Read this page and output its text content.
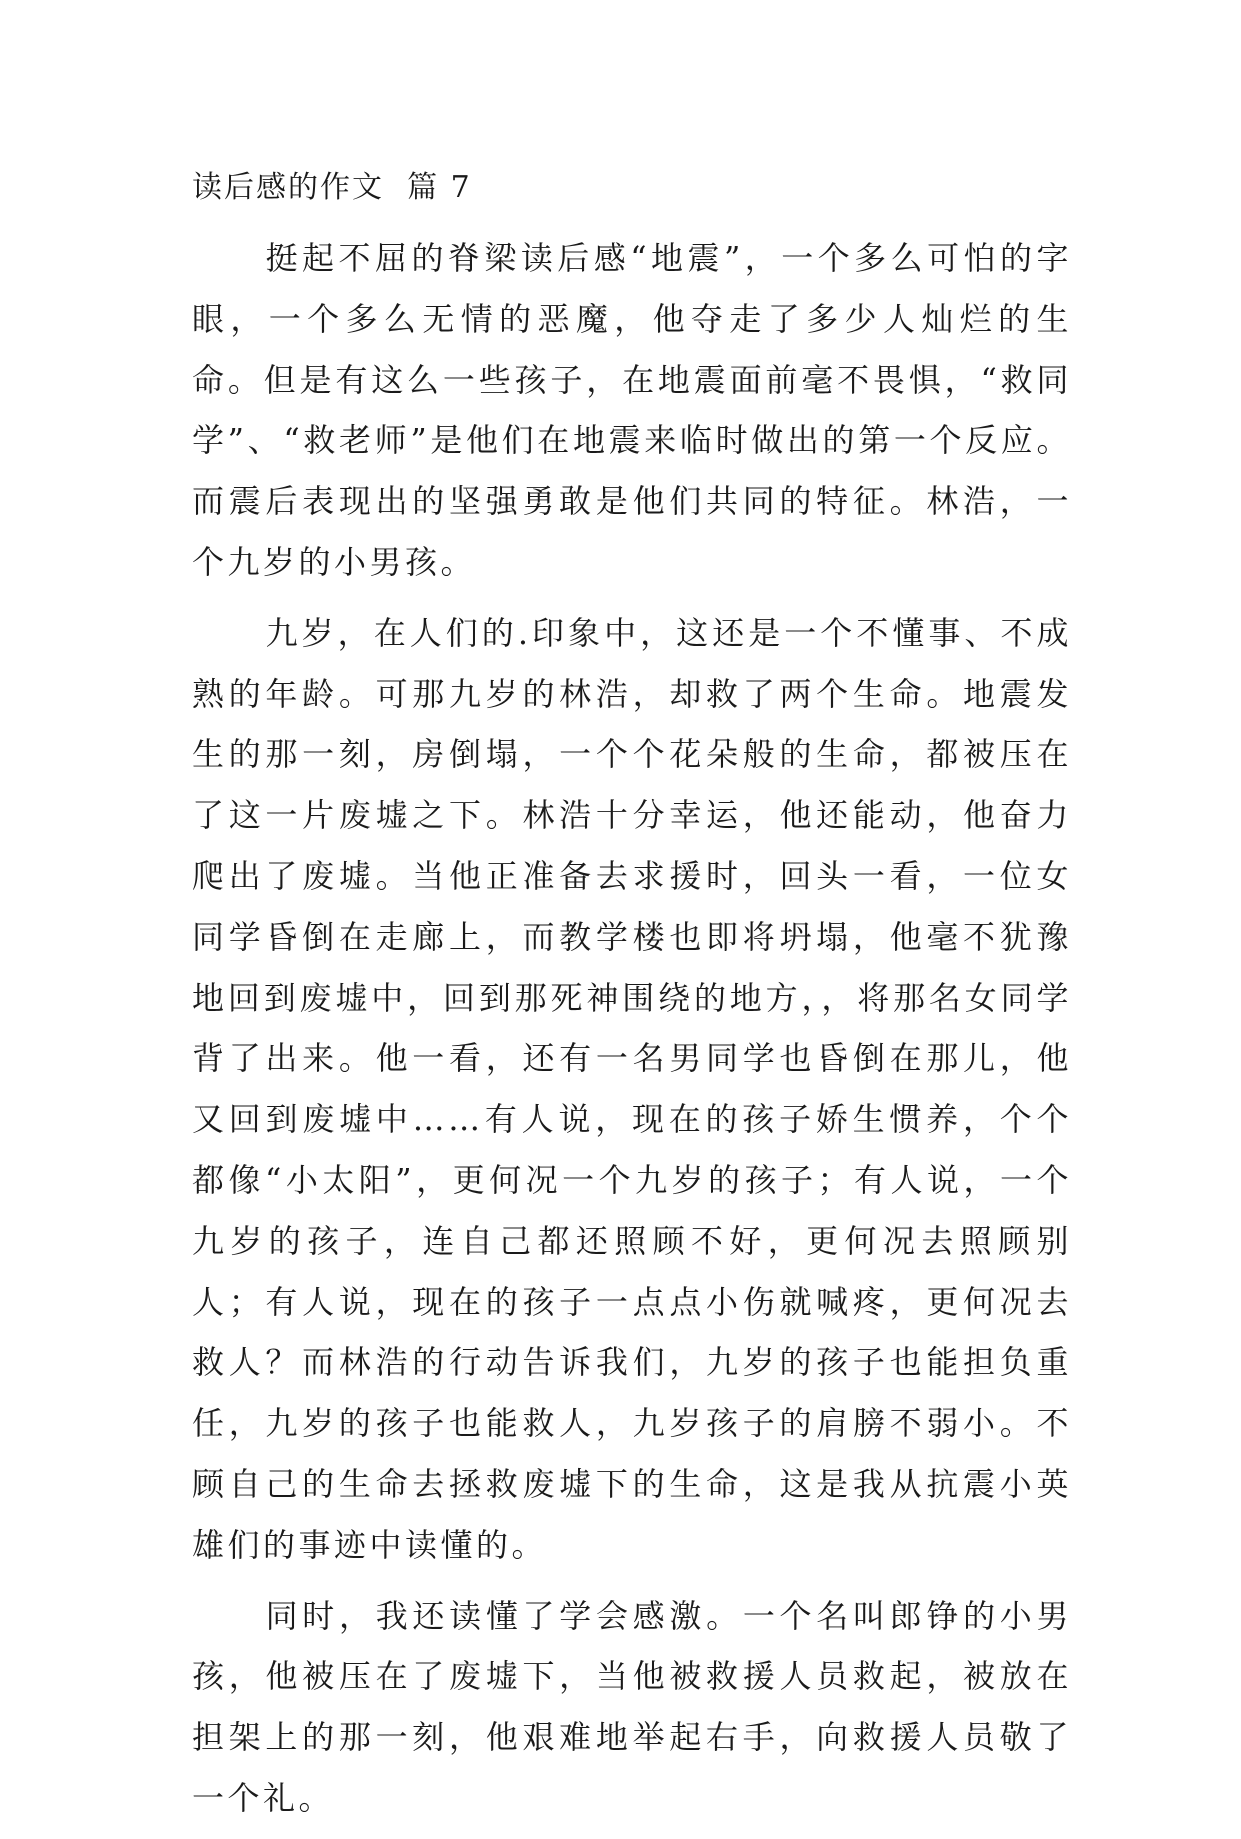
读后感的作文  篇 7

挺起不屈的脊梁读后感“地震”，一个多么可怕的字眼，一个多么无情的恶魔，他夺走了多少人灿烂的生命。但是有这么一些孩子，在地震面前毫不畏惧，“救同学”、“救老师”是他们在地震来临时做出的第一个反应。而震后表现出的坚强勇敢是他们共同的特征。林浩，一个九岁的小男孩。

九岁，在人们的.印象中，这还是一个不懂事、不成熟的年龄。可那九岁的林浩，却救了两个生命。地震发生的那一刻，房倒塌，一个个花朵般的生命，都被压在了这一片废墟之下。林浩十分幸运，他还能动，他奋力爬出了废墟。当他正准备去求援时，回头一看，一位女同学昏倒在走廊上，而教学楼也即将坍塌，他毫不犹豫地回到废墟中，回到那死神围绕的地方，，将那名女同学背了出来。他一看，还有一名男同学也昏倒在那儿，他又回到废墟中……有人说，现在的孩子娇生惯养，个个都像“小太阳”，更何况一个九岁的孩子；有人说，一个九岁的孩子，连自己都还照顾不好，更何况去照顾别人；有人说，现在的孩子一点点小伤就喊疼，更何况去救人？而林浩的行动告诉我们，九岁的孩子也能担负重任，九岁的孩子也能救人，九岁孩子的肩膀不弱小。不顾自己的生命去拯救废墟下的生命，这是我从抗震小英雄们的事迹中读懂的。

同时，我还读懂了学会感激。一个名叫郎铮的小男孩，他被压在了废墟下，当他被救援人员救起，被放在担架上的那一刻，他艰难地举起右手，向救援人员敬了一个礼。
